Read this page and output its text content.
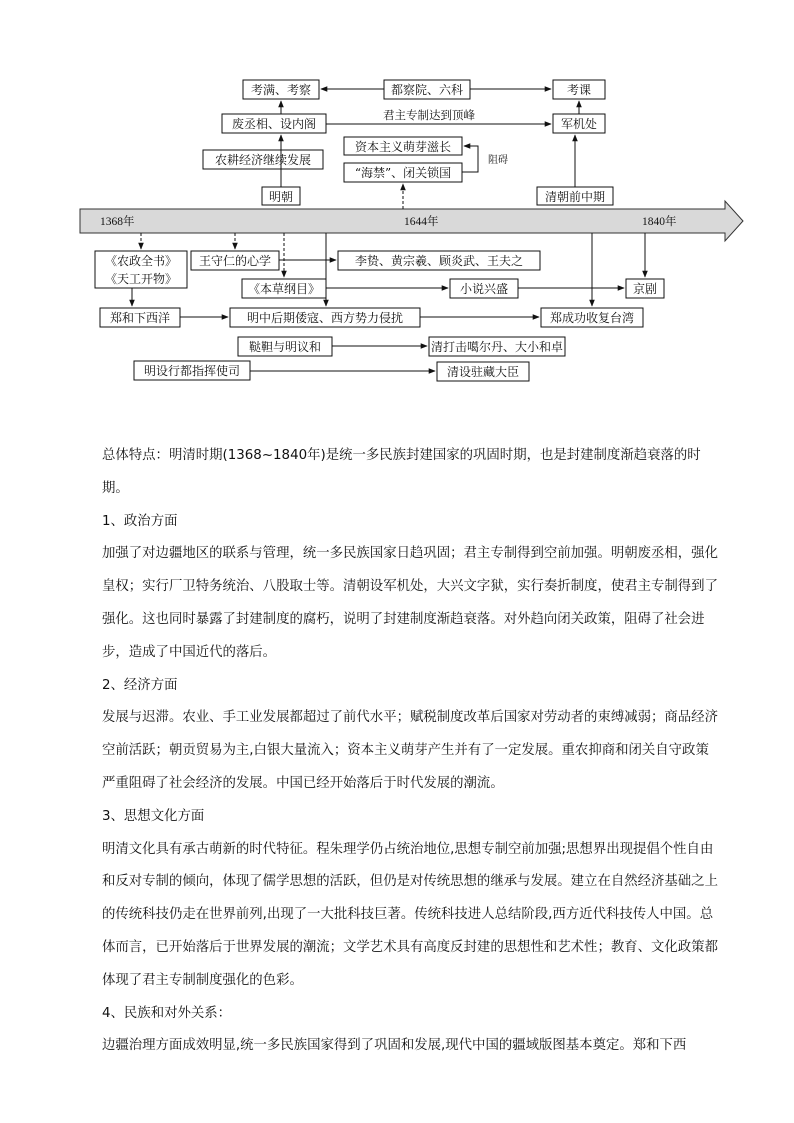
1368年	1644年	1840年
考满、考察	都察院、六科	考课
废丞相、设内阁	军机处
君主专制达到顶峰
资本主义萌芽滋长
农耕经济继续发展
“海禁”、闭关锁国
阻碍
明朝	清朝前中期
《农政全书》
《天工开物》
王守仁的心学	李贽、黄宗羲、顾炎武、王夫之
《本草纲目》	小说兴盛	京剧
郑和下西洋	明中后期倭寇、西方势力侵扰	郑成功收复台湾
鞑靼与明议和	清打击噶尔丹、大小和卓
明设行都指挥使司	清设驻藏大臣

总体特点：明清时期(1368~1840年)是统一多民族封建国家的巩固时期，也是封建制度渐趋衰落的时期。

1、政治方面

加强了对边疆地区的联系与管理，统一多民族国家日趋巩固；君主专制得到空前加强。明朝废丞相，强化皇权；实行厂卫特务统治、八股取士等。清朝设军机处，大兴文字狱，实行奏折制度，使君主专制得到了强化。这也同时暴露了封建制度的腐朽，说明了封建制度渐趋衰落。对外趋向闭关政策，阻碍了社会进步，造成了中国近代的落后。

2、经济方面

发展与迟滞。农业、手工业发展都超过了前代水平；赋税制度改革后国家对劳动者的束缚减弱；商品经济空前活跃；朝贡贸易为主,白银大量流入；资本主义萌芽产生并有了一定发展。重农抑商和闭关自守政策严重阻碍了社会经济的发展。中国已经开始落后于时代发展的潮流。

3、思想文化方面

明清文化具有承古萌新的时代特征。程朱理学仍占统治地位,思想专制空前加强;思想界出现提倡个性自由和反对专制的倾向，体现了儒学思想的活跃，但仍是对传统思想的继承与发展。建立在自然经济基础之上的传统科技仍走在世界前列,出现了一大批科技巨著。传统科技进人总结阶段,西方近代科技传人中国。总体而言，已开始落后于世界发展的潮流；文学艺术具有高度反封建的思想性和艺术性；教育、文化政策都体现了君主专制制度强化的色彩。

4、民族和对外关系：

边疆治理方面成效明显,统一多民族国家得到了巩固和发展,现代中国的疆域版图基本奠定。郑和下西
